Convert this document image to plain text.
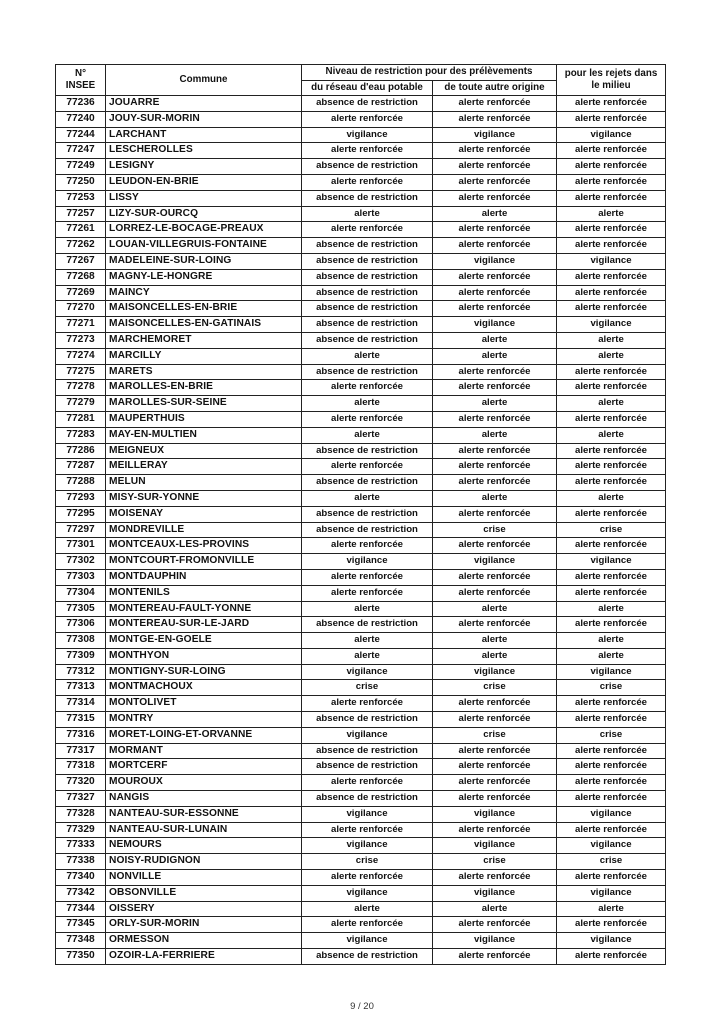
N°
INSEE	Commune	Niveau de restriction pour des prélèvements		pour les rejets dans le milieu
		du réseau d'eau potable	de toute autre origine	
77236	JOUARRE	absence de restriction	alerte renforcée	alerte renforcée
77240	JOUY-SUR-MORIN	alerte renforcée	alerte renforcée	alerte renforcée
77244	LARCHANT	vigilance	vigilance	vigilance
77247	LESCHEROLLES	alerte renforcée	alerte renforcée	alerte renforcée
77249	LESIGNY	absence de restriction	alerte renforcée	alerte renforcée
77250	LEUDON-EN-BRIE	alerte renforcée	alerte renforcée	alerte renforcée
77253	LISSY	absence de restriction	alerte renforcée	alerte renforcée
77257	LIZY-SUR-OURCQ	alerte	alerte	alerte
77261	LORREZ-LE-BOCAGE-PREAUX	alerte renforcée	alerte renforcée	alerte renforcée
77262	LOUAN-VILLEGRUIS-FONTAINE	absence de restriction	alerte renforcée	alerte renforcée
77267	MADELEINE-SUR-LOING	absence de restriction	vigilance	vigilance
77268	MAGNY-LE-HONGRE	absence de restriction	alerte renforcée	alerte renforcée
77269	MAINCY	absence de restriction	alerte renforcée	alerte renforcée
77270	MAISONCELLES-EN-BRIE	absence de restriction	alerte renforcée	alerte renforcée
77271	MAISONCELLES-EN-GATINAIS	absence de restriction	vigilance	vigilance
77273	MARCHEMORET	absence de restriction	alerte	alerte
77274	MARCILLY	alerte	alerte	alerte
77275	MARETS	absence de restriction	alerte renforcée	alerte renforcée
77278	MAROLLES-EN-BRIE	alerte renforcée	alerte renforcée	alerte renforcée
77279	MAROLLES-SUR-SEINE	alerte	alerte	alerte
77281	MAUPERTHUIS	alerte renforcée	alerte renforcée	alerte renforcée
77283	MAY-EN-MULTIEN	alerte	alerte	alerte
77286	MEIGNEUX	absence de restriction	alerte renforcée	alerte renforcée
77287	MEILLERAY	alerte renforcée	alerte renforcée	alerte renforcée
77288	MELUN	absence de restriction	alerte renforcée	alerte renforcée
77293	MISY-SUR-YONNE	alerte	alerte	alerte
77295	MOISENAY	absence de restriction	alerte renforcée	alerte renforcée
77297	MONDREVILLE	absence de restriction	crise	crise
77301	MONTCEAUX-LES-PROVINS	alerte renforcée	alerte renforcée	alerte renforcée
77302	MONTCOURT-FROMONVILLE	vigilance	vigilance	vigilance
77303	MONTDAUPHIN	alerte renforcée	alerte renforcée	alerte renforcée
77304	MONTENILS	alerte renforcée	alerte renforcée	alerte renforcée
77305	MONTEREAU-FAULT-YONNE	alerte	alerte	alerte
77306	MONTEREAU-SUR-LE-JARD	absence de restriction	alerte renforcée	alerte renforcée
77308	MONTGE-EN-GOELE	alerte	alerte	alerte
77309	MONTHYON	alerte	alerte	alerte
77312	MONTIGNY-SUR-LOING	vigilance	vigilance	vigilance
77313	MONTMACHOUX	crise	crise	crise
77314	MONTOLIVET	alerte renforcée	alerte renforcée	alerte renforcée
77315	MONTRY	absence de restriction	alerte renforcée	alerte renforcée
77316	MORET-LOING-ET-ORVANNE	vigilance	crise	crise
77317	MORMANT	absence de restriction	alerte renforcée	alerte renforcée
77318	MORTCERF	absence de restriction	alerte renforcée	alerte renforcée
77320	MOUROUX	alerte renforcée	alerte renforcée	alerte renforcée
77327	NANGIS	absence de restriction	alerte renforcée	alerte renforcée
77328	NANTEAU-SUR-ESSONNE	vigilance	vigilance	vigilance
77329	NANTEAU-SUR-LUNAIN	alerte renforcée	alerte renforcée	alerte renforcée
77333	NEMOURS	vigilance	vigilance	vigilance
77338	NOISY-RUDIGNON	crise	crise	crise
77340	NONVILLE	alerte renforcée	alerte renforcée	alerte renforcée
77342	OBSONVILLE	vigilance	vigilance	vigilance
77344	OISSERY	alerte	alerte	alerte
77345	ORLY-SUR-MORIN	alerte renforcée	alerte renforcée	alerte renforcée
77348	ORMESSON	vigilance	vigilance	vigilance
77350	OZOIR-LA-FERRIERE	absence de restriction	alerte renforcée	alerte renforcée
9 / 20
